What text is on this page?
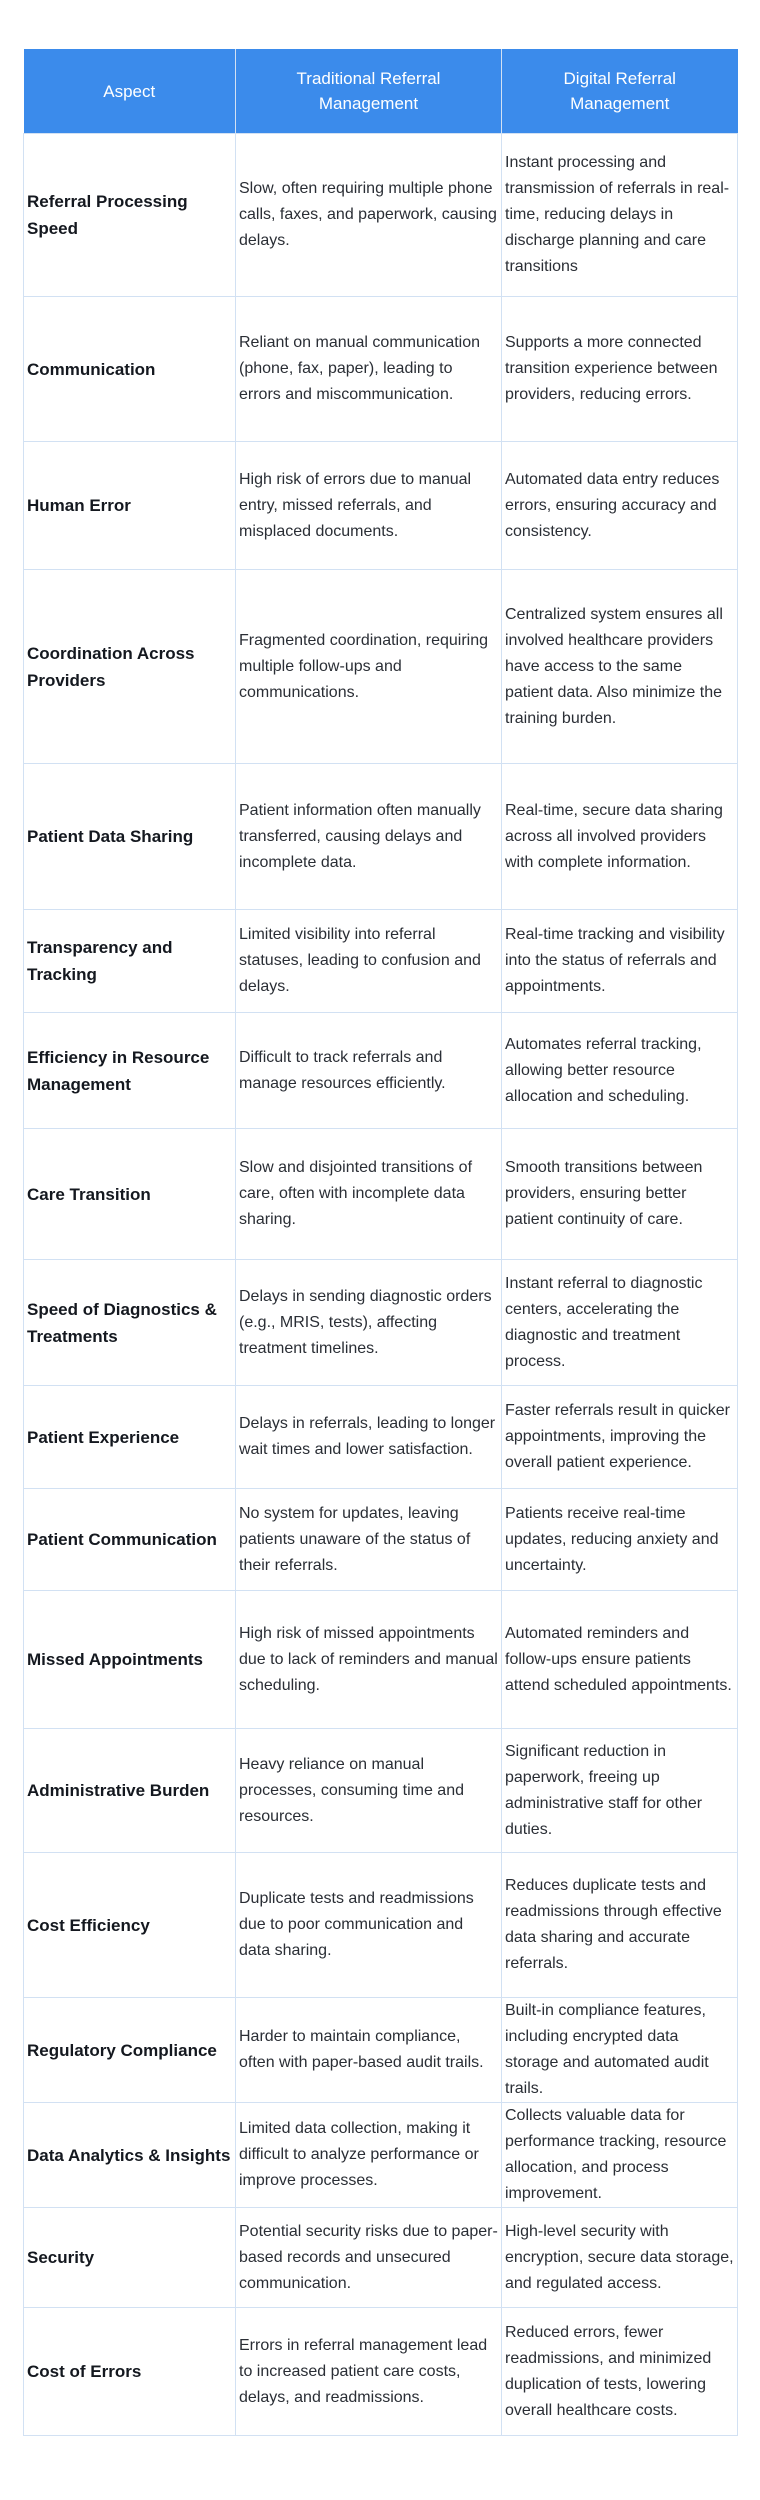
Aspect	Traditional Referral Management	Digital Referral Management
Referral Processing Speed	Slow, often requiring multiple phone calls, faxes, and paperwork, causing delays.	Instant processing and transmission of referrals in real-time, reducing delays in discharge planning and care transitions
Communication	Reliant on manual communication (phone, fax, paper), leading to errors and miscommunication.	Supports a more connected transition experience between providers, reducing errors.
Human Error	High risk of errors due to manual entry, missed referrals, and misplaced documents.	Automated data entry reduces errors, ensuring accuracy and consistency.
Coordination Across Providers	Fragmented coordination, requiring multiple follow-ups and communications.	Centralized system ensures all involved healthcare providers have access to the same patient data. Also minimize the training burden.
Patient Data Sharing	Patient information often manually transferred, causing delays and incomplete data.	Real-time, secure data sharing across all involved providers with complete information.
Transparency and Tracking	Limited visibility into referral statuses, leading to confusion and delays.	Real-time tracking and visibility into the status of referrals and appointments.
Efficiency in Resource Management	Difficult to track referrals and manage resources efficiently.	Automates referral tracking, allowing better resource allocation and scheduling.
Care Transition	Slow and disjointed transitions of care, often with incomplete data sharing.	Smooth transitions between providers, ensuring better patient continuity of care.
Speed of Diagnostics & Treatments	Delays in sending diagnostic orders (e.g., MRIS, tests), affecting treatment timelines.	Instant referral to diagnostic centers, accelerating the diagnostic and treatment process.
Patient Experience	Delays in referrals, leading to longer wait times and lower satisfaction.	Faster referrals result in quicker appointments, improving the overall patient experience.
Patient Communication	No system for updates, leaving patients unaware of the status of their referrals.	Patients receive real-time updates, reducing anxiety and uncertainty.
Missed Appointments	High risk of missed appointments due to lack of reminders and manual scheduling.	Automated reminders and follow-ups ensure patients attend scheduled appointments.
Administrative Burden	Heavy reliance on manual processes, consuming time and resources.	Significant reduction in paperwork, freeing up administrative staff for other duties.
Cost Efficiency	Duplicate tests and readmissions due to poor communication and data sharing.	Reduces duplicate tests and readmissions through effective data sharing and accurate referrals.
Regulatory Compliance	Harder to maintain compliance, often with paper-based audit trails.	Built-in compliance features, including encrypted data storage and automated audit trails.
Data Analytics & Insights	Limited data collection, making it difficult to analyze performance or improve processes.	Collects valuable data for performance tracking, resource allocation, and process improvement.
Security	Potential security risks due to paper-based records and unsecured communication.	High-level security with encryption, secure data storage, and regulated access.
Cost of Errors	Errors in referral management lead to increased patient care costs, delays, and readmissions.	Reduced errors, fewer readmissions, and minimized duplication of tests, lowering overall healthcare costs.
